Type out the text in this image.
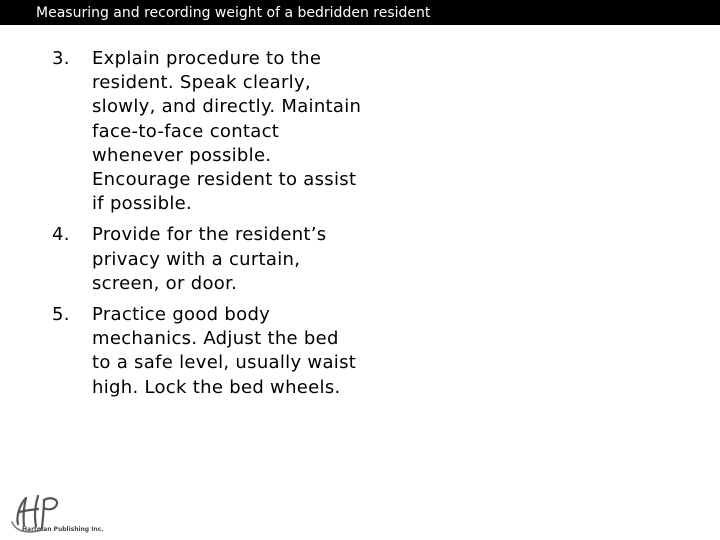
Measuring and recording weight of a bedridden resident
3. Explain procedure to the resident. Speak clearly, slowly, and directly. Maintain face-to-face contact whenever possible. Encourage resident to assist if possible.
4. Provide for the resident’s privacy with a curtain, screen, or door.
5. Practice good body mechanics. Adjust the bed to a safe level, usually waist high. Lock the bed wheels.
Hartman Publishing Inc.
